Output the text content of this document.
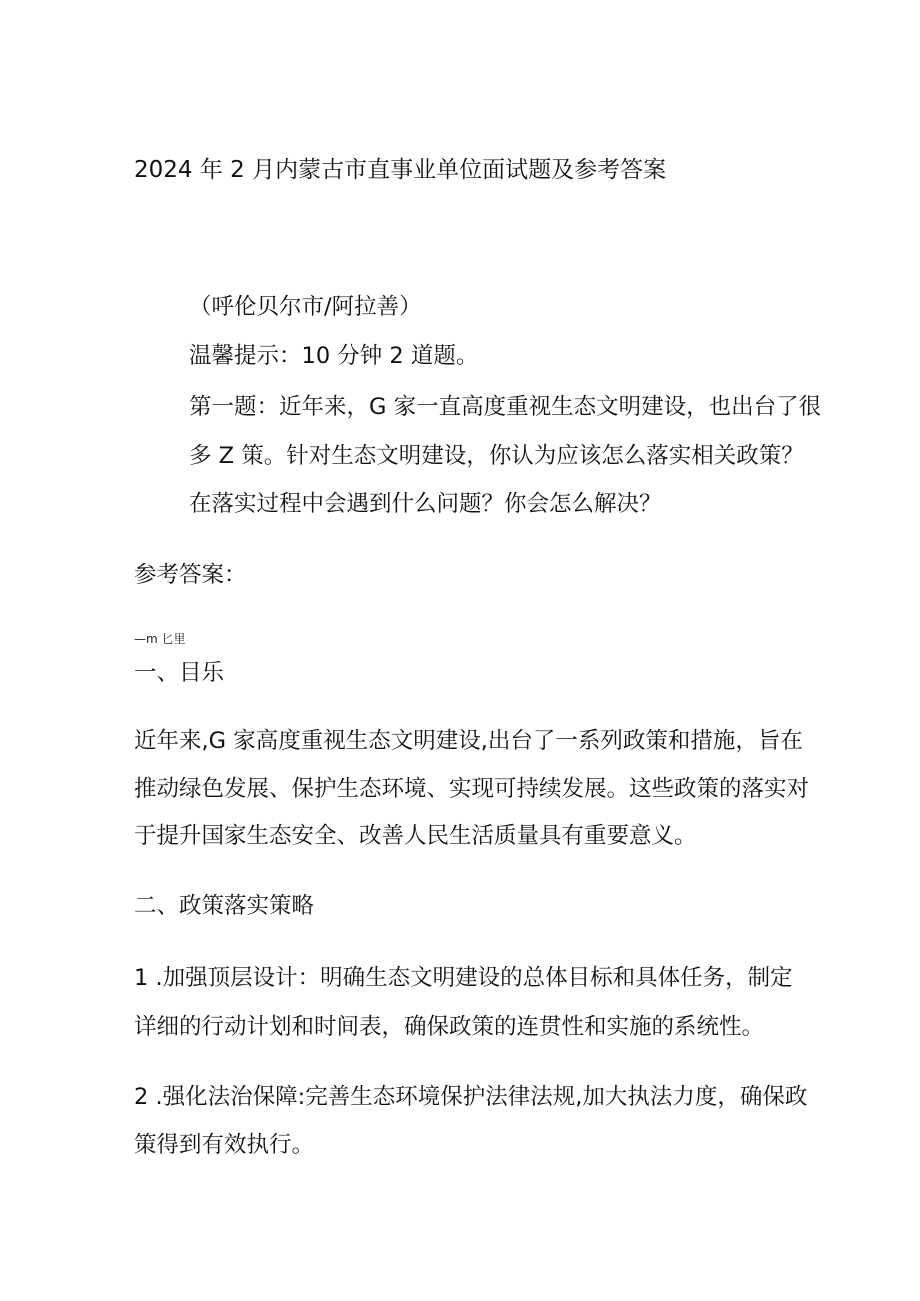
2024 年 2 月内蒙古市直事业单位面试题及参考答案
（呼伦贝尔市/阿拉善）
温馨提示：10 分钟 2 道题。
第一题：近年来，G 家一直高度重视生态文明建设，也出台了很
多 Z 策。针对生态文明建设，你认为应该怎么落实相关政策？
在落实过程中会遇到什么问题？你会怎么解决？
参考答案：
—m 匕里
一、目乐
近年来,G 家高度重视生态文明建设,出台了一系列政策和措施，旨在
推动绿色发展、保护生态环境、实现可持续发展。这些政策的落实对
于提升国家生态安全、改善人民生活质量具有重要意义。
二、政策落实策略
1 .加强顶层设计：明确生态文明建设的总体目标和具体任务，制定
详细的行动计划和时间表，确保政策的连贯性和实施的系统性。
2 .强化法治保障:完善生态环境保护法律法规,加大执法力度，确保政
策得到有效执行。
